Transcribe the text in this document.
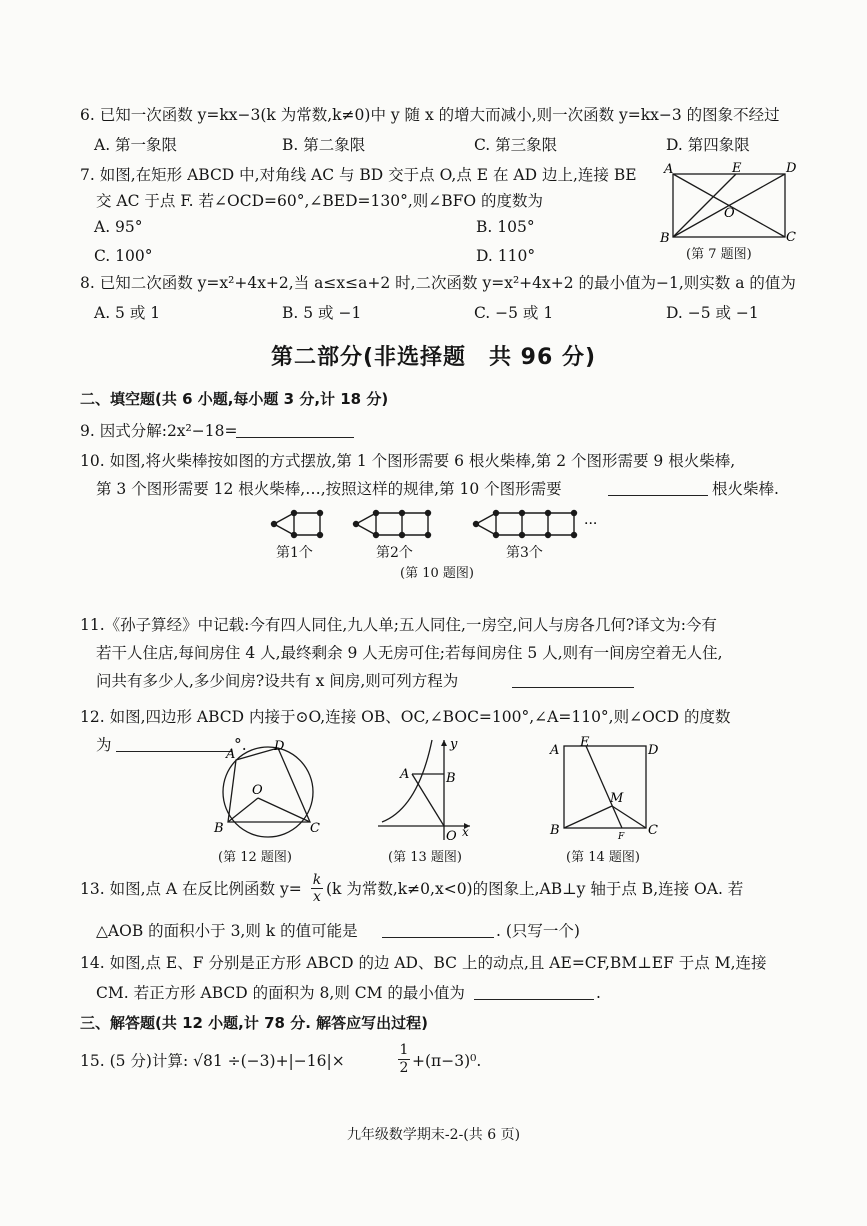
6. 已知一次函数 y=kx−3(k 为常数,k≠0)中 y 随 x 的增大而减小,则一次函数 y=kx−3 的图象不经过
A. 第一象限	B. 第二象限	C. 第三象限	D. 第四象限
7. 如图,在矩形 ABCD 中,对角线 AC 与 BD 交于点 O,点 E 在 AD 边上,连接 BE
交 AC 于点 F. 若∠OCD=60°,∠BED=130°,则∠BFO 的度数为
A. 95°	B. 105°
C. 100°	D. 110°
A	E	D
B	C
O
(第 7 题图)
8. 已知二次函数 y=x²+4x+2,当 a≤x≤a+2 时,二次函数 y=x²+4x+2 的最小值为−1,则实数 a 的值为
A. 5 或 1	B. 5 或 −1	C. −5 或 1	D. −5 或 −1
第二部分(非选择题　共 96 分)
二、填空题(共 6 小题,每小题 3 分,计 18 分)
9. 因式分解:2x²−18=
10. 如图,将火柴棒按如图的方式摆放,第 1 个图形需要 6 根火柴棒,第 2 个图形需要 9 根火柴棒,
第 3 个图形需要 12 根火柴棒,…,按照这样的规律,第 10 个图形需要	根火柴棒.
···
第1个	第2个	第3个
(第 10 题图)
11.《孙子算经》中记载:今有四人同住,九人单;五人同住,一房空,问人与房各几何?译文为:今有
若干人住店,每间房住 4 人,最终剩余 9 人无房可住;若每间房住 5 人,则有一间房空着无人住,
问共有多少人,多少间房?设共有 x 间房,则可列方程为
12. 如图,四边形 ABCD 内接于⊙O,连接 OB、OC,∠BOC=100°,∠A=110°,则∠OCD 的度数
为	°.
A
D
O
B	C
(第 12 题图)
y
x
A	B
O
(第 13 题图)
A
E
D
M
B	F C
(第 14 题图)
13. 如图,点 A 在反比例函数 $y= \frac{k}{x} (k$ 为常数,k≠0,x<0)的图象上,AB⊥y 轴于点 B,连接 OA. 若
△AOB 的面积小于 3,则 k 的值可能是	. (只写一个)
14. 如图,点 E、F 分别是正方形 ABCD 的边 AD、BC 上的动点,且 AE=CF,BM⊥EF 于点 M,连接
CM. 若正方形 ABCD 的面积为 8,则 CM 的最小值为	.
三、解答题(共 12 小题,计 78 分. 解答应写出过程)
15. (5 分)计算: √81 ÷(−3)+|−16|×	$\frac{1}{2} +(\pi-3)^0$.
九年级数学期末-2-(共 6 页)
